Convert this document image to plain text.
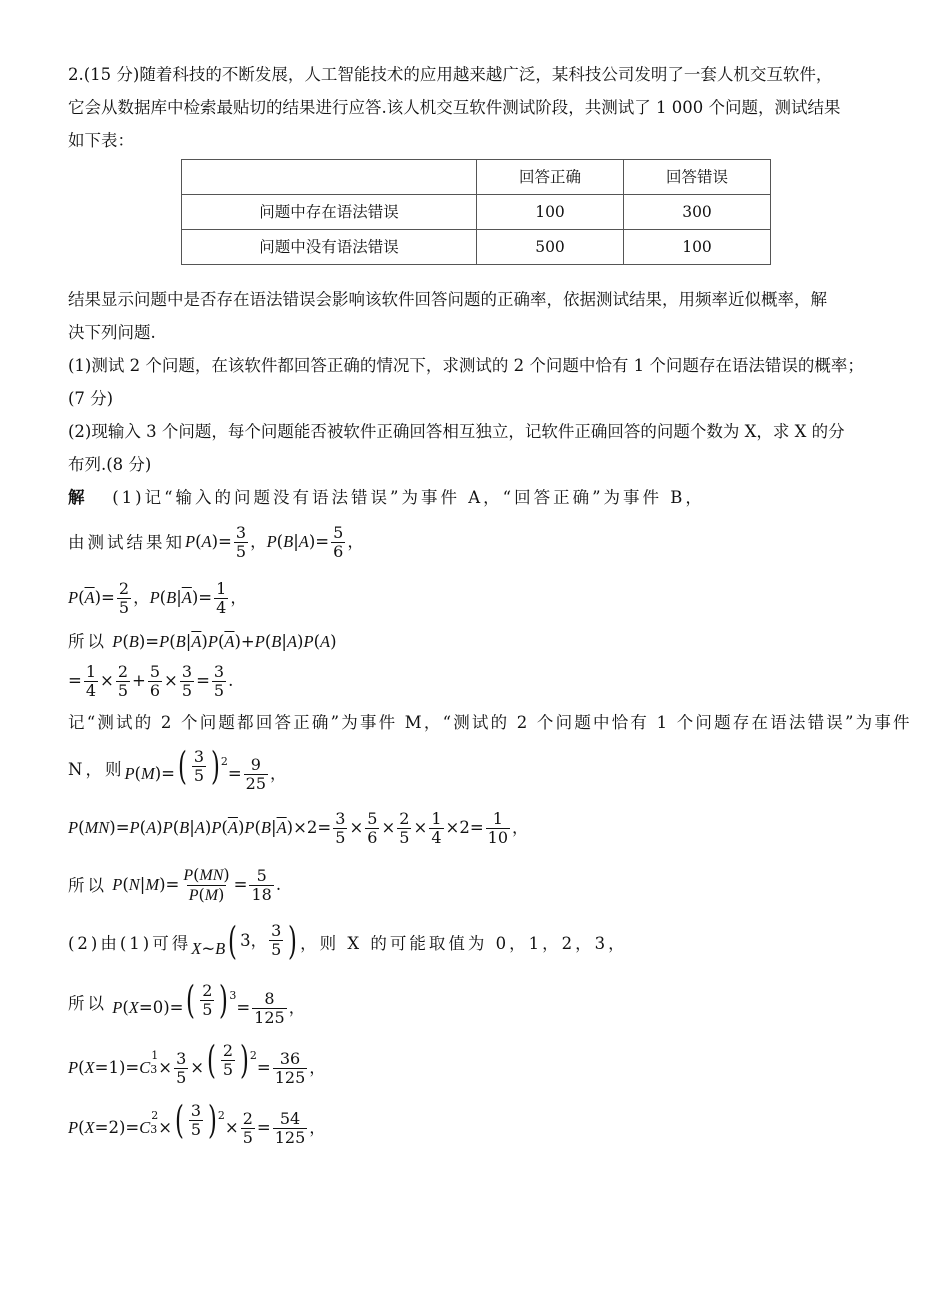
2.(15 分)随着科技的不断发展，人工智能技术的应用越来越广泛，某科技公司发明了一套人机交互软件，

它会从数据库中检索最贴切的结果进行应答.该人机交互软件测试阶段，共测试了 1 000 个问题，测试结果

如下表：

	回答正确	回答错误
问题中存在语法错误	100	300
问题中没有语法错误	500	100

结果显示问题中是否存在语法错误会影响该软件回答问题的正确率，依据测试结果，用频率近似概率，解

决下列问题.

(1)测试 2 个问题，在该软件都回答正确的情况下，求测试的 2 个问题中恰有 1 个问题存在语法错误的概率；

(7 分)

(2)现输入 3 个问题，每个问题能否被软件正确回答相互独立，记软件正确回答的问题个数为 X，求 X 的分

布列.(8 分)

解 (1)记“输入的问题没有语法错误”为事件 A，“回答正确”为事件 B，

由测试结果知 $P(A)= \frac{3}{5}$ ，$P(B|A)= \frac{5}{6}$ ，
$P(\overline{A})= \frac{2}{5}$ ，$P(B|\overline{A})= \frac{1}{4}$ ，
所以
$P(B)=P(B|\overline{A})P(\overline{A})+P(B|A)P(A)$
= $\frac{1}{4} \times \frac{2}{5} + \frac{5}{6} \times \frac{3}{5} = \frac{3}{5}$ .

记“测试的 2 个问题都回答正确”为事件 M，“测试的 2 个问题中恰有 1 个问题存在语法错误”为事件

N，则 P(M)= ( $\frac{3}{5}$ ) $^2= \frac{9}{25}$ ，
$P(MN)=P(A)P(B|A)P(\overline{A})P(B|\overline{A})\times 2= \frac{3}{5} \times \frac{5}{6} \times \frac{2}{5} \times \frac{1}{4} \times 2= \frac{1}{10}$ ，
所以
$P(N|M)= \frac{P(MN)}{P(M)} = \frac{5}{18}$ .
(2)由(1)可得 X~B ( 3， $\frac{3}{5}$ ) ，则 X 的可能取值为 0，1，2，3，
所以
P(X=0)= ( $\frac{2}{5}$ ) $^3= \frac{8}{125}$ ，
$P(X=1)=C3^1\times \frac{3}{5}$ × ( $\frac{2}{5}$ ) $^2= \frac{36}{125}$ ，
$P(X=2)=C3^2\times$ ( $\frac{3}{5}$ ) $^2\times \frac{2}{5} = \frac{54}{125}$ ，
